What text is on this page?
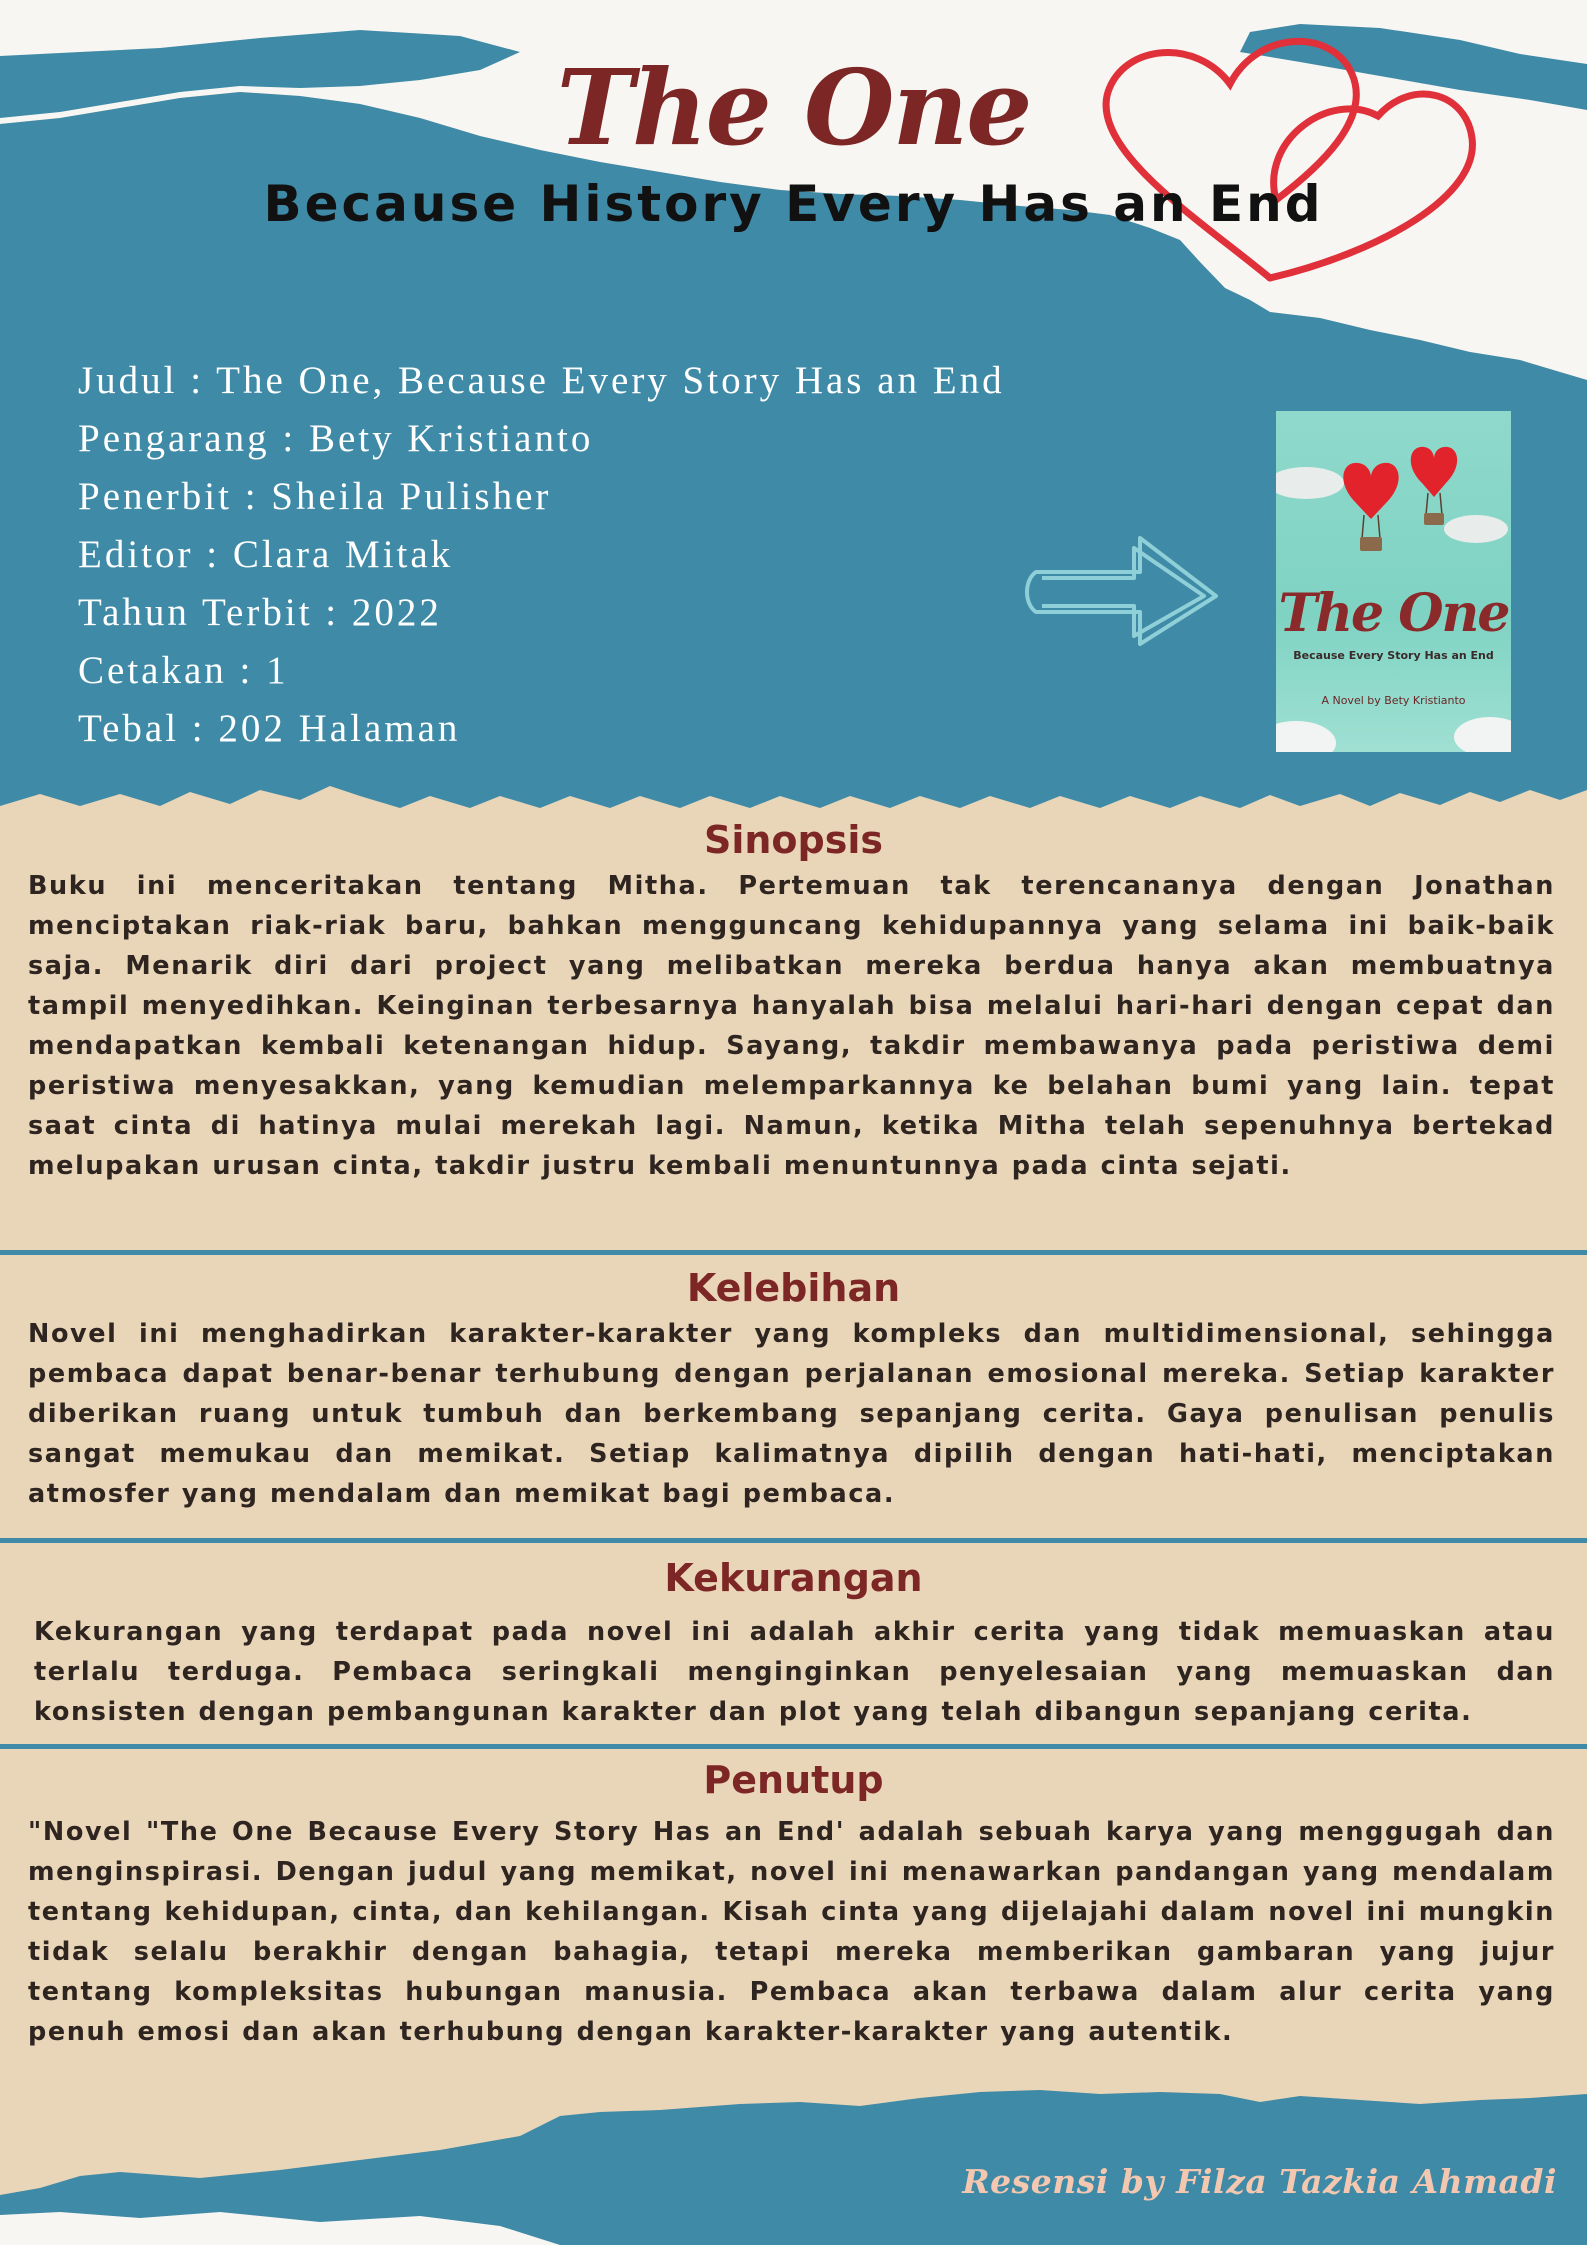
The One
Because History Every Has an End
Judul : The One, Because Every Story Has an End
Pengarang : Bety Kristianto
Penerbit : Sheila Pulisher
Editor : Clara Mitak
Tahun Terbit : 2022
Cetakan : 1
Tebal : 202 Halaman
The One
Because Every Story Has an End
A Novel by Bety Kristianto
Sinopsis
Buku ini menceritakan tentang Mitha. Pertemuan tak terencananya dengan Jonathan menciptakan riak-riak baru, bahkan mengguncang kehidupannya yang selama ini baik-baik saja. Menarik diri dari project yang melibatkan mereka berdua hanya akan membuatnya tampil menyedihkan. Keinginan terbesarnya hanyalah bisa melalui hari-hari dengan cepat dan mendapatkan kembali ketenangan hidup. Sayang, takdir membawanya pada peristiwa demi peristiwa menyesakkan, yang kemudian melemparkannya ke belahan bumi yang lain. tepat saat cinta di hatinya mulai merekah lagi. Namun, ketika Mitha telah sepenuhnya bertekad melupakan urusan cinta, takdir justru kembali menuntunnya pada cinta sejati.
Kelebihan
Novel ini menghadirkan karakter-karakter yang kompleks dan multidimensional, sehingga pembaca dapat benar-benar terhubung dengan perjalanan emosional mereka. Setiap karakter diberikan ruang untuk tumbuh dan berkembang sepanjang cerita. Gaya penulisan penulis sangat memukau dan memikat. Setiap kalimatnya dipilih dengan hati-hati, menciptakan atmosfer yang mendalam dan memikat bagi pembaca.
Kekurangan
Kekurangan yang terdapat pada novel ini adalah akhir cerita yang tidak memuaskan atau terlalu terduga. Pembaca seringkali menginginkan penyelesaian yang memuaskan dan konsisten dengan pembangunan karakter dan plot yang telah dibangun sepanjang cerita.
Penutup
"Novel "The One Because Every Story Has an End' adalah sebuah karya yang menggugah dan menginspirasi. Dengan judul yang memikat, novel ini menawarkan pandangan yang mendalam tentang kehidupan, cinta, dan kehilangan. Kisah cinta yang dijelajahi dalam novel ini mungkin tidak selalu berakhir dengan bahagia, tetapi mereka memberikan gambaran yang jujur tentang kompleksitas hubungan manusia. Pembaca akan terbawa dalam alur cerita yang penuh emosi dan akan terhubung dengan karakter-karakter yang autentik.
Resensi by Filza Tazkia Ahmadi
